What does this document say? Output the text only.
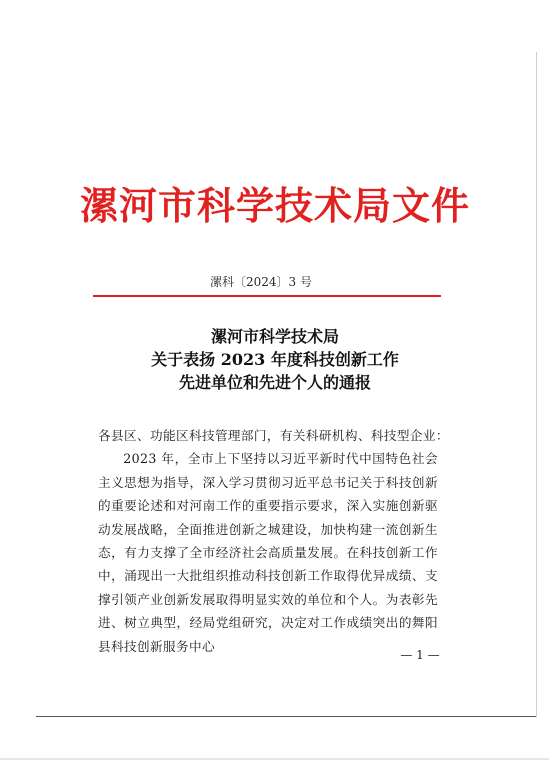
漯河市科学技术局文件
漯科〔2024〕3 号
漯河市科学技术局
关于表扬 2023 年度科技创新工作
先进单位和先进个人的通报
各县区、功能区科技管理部门，有关科研机构、科技型企业：
2023 年，全市上下坚持以习近平新时代中国特色社会主义思想为指导，深入学习贯彻习近平总书记关于科技创新的重要论述和对河南工作的重要指示要求，深入实施创新驱动发展战略，全面推进创新之城建设，加快构建一流创新生态，有力支撑了全市经济社会高质量发展。在科技创新工作中，涌现出一大批组织推动科技创新工作取得优异成绩、支撑引领产业创新发展取得明显实效的单位和个人。为表彰先进、树立典型，经局党组研究，决定对工作成绩突出的舞阳县科技创新服务中心
— 1 —
